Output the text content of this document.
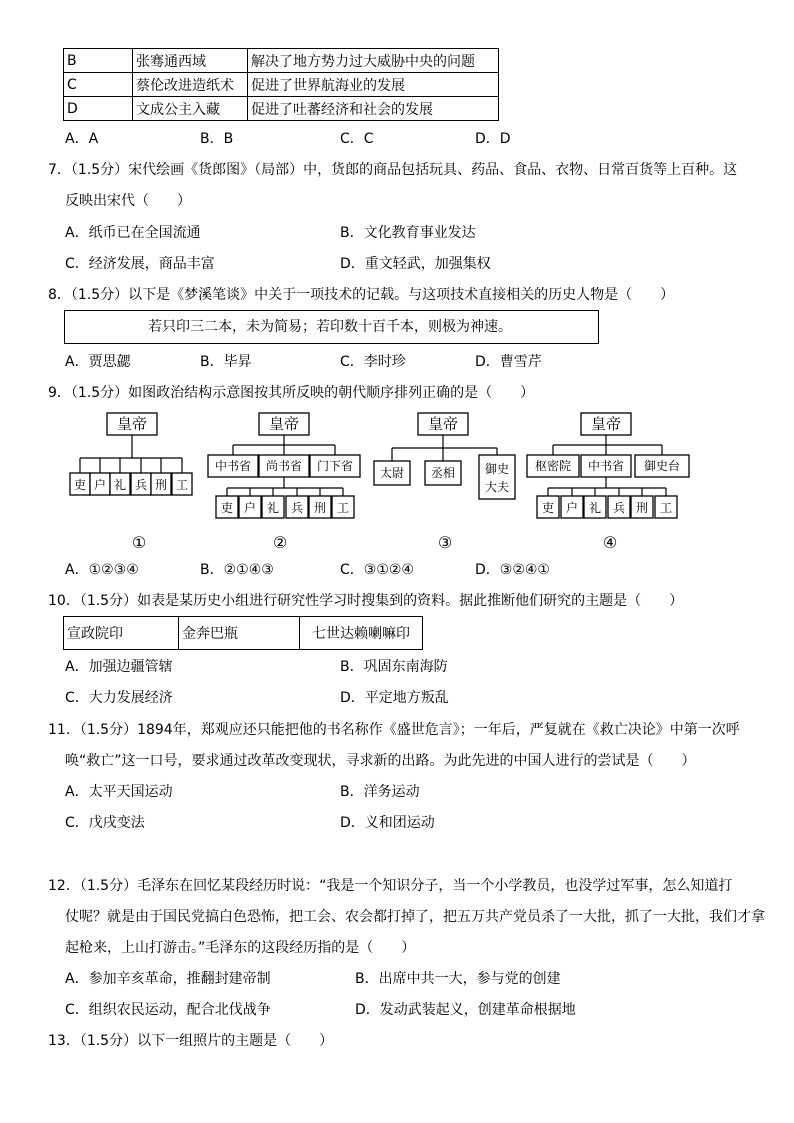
B	张骞通西域	解决了地方势力过大威胁中央的问题
C	蔡伦改进造纸术	促进了世界航海业的发展
D	文成公主入藏	促进了吐蕃经济和社会的发展
A．A	B．B	C．C	D．D
7．（1.5分）宋代绘画《货郎图》（局部）中，货郎的商品包括玩具、药品、食品、衣物、日常百货等上百种。这
反映出宋代（　　）
A．纸币已在全国流通	B．文化教育事业发达
C．经济发展，商品丰富	D．重文轻武，加强集权
8．（1.5分）以下是《梦溪笔谈》中关于一项技术的记载。与这项技术直接相关的历史人物是（　　）
若只印三二本，未为简易；若印数十百千本，则极为神速。
A．贾思勰	B．毕昇	C．李时珍	D．曹雪芹
9．（1.5分）如图政治结构示意图按其所反映的朝代顺序排列正确的是（　　）
皇帝
吏 户 礼 兵 刑 工
①
皇帝
中书省 尚书省 门下省
吏 户 礼 兵 刑 工
②
皇帝
太尉 丞相 御史
大夫
③
皇帝
枢密院 中书省 御史台
吏 户 礼 兵 刑 工
④
A．①②③④	B．②①④③	C．③①②④	D．③②④①
10．（1.5分）如表是某历史小组进行研究性学习时搜集到的资料。据此推断他们研究的主题是（　　）
宣政院印	金奔巴瓶	七世达赖喇嘛印
A．加强边疆管辖	B．巩固东南海防
C．大力发展经济	D．平定地方叛乱
11．（1.5分）1894年，郑观应还只能把他的书名称作《盛世危言》；一年后，严复就在《救亡决论》中第一次呼
唤“救亡”这一口号，要求通过改革改变现状，寻求新的出路。为此先进的中国人进行的尝试是（　　）
A．太平天国运动	B．洋务运动
C．戊戌变法	D．义和团运动
12．（1.5分）毛泽东在回忆某段经历时说：“我是一个知识分子，当一个小学教员，也没学过军事，怎么知道打
仗呢？就是由于国民党搞白色恐怖，把工会、农会都打掉了，把五万共产党员杀了一大批，抓了一大批，我们才拿
起枪来，上山打游击。”毛泽东的这段经历指的是（　　）
A．参加辛亥革命，推翻封建帝制	B．出席中共一大，参与党的创建
C．组织农民运动，配合北伐战争	D．发动武装起义，创建革命根据地
13．（1.5分）以下一组照片的主题是（　　）
